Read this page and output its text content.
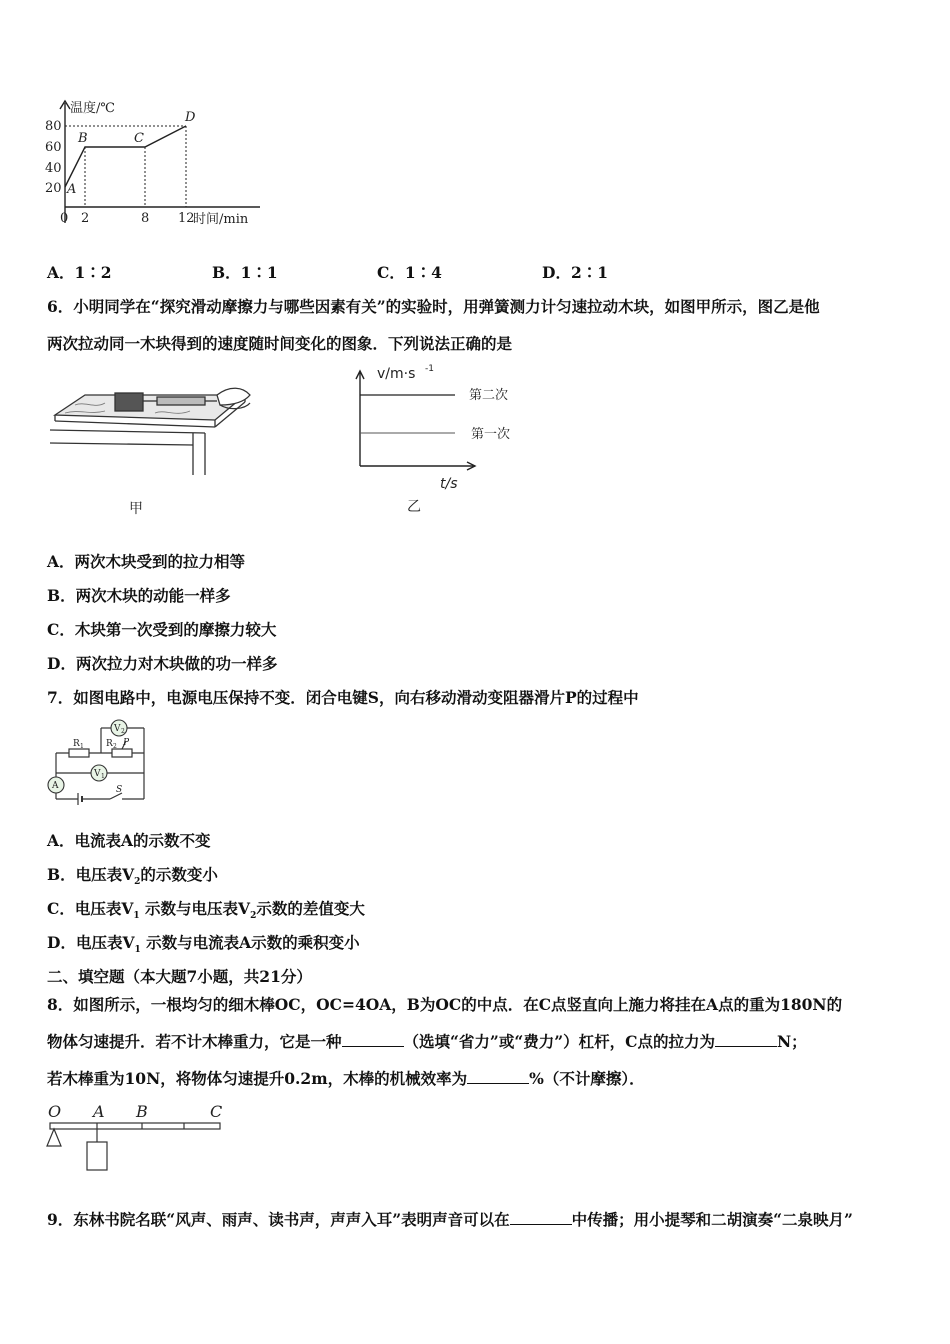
温度/℃
80
60
40
20
0 2	8 12
时间/min
A
B	C
D
A．1∶2	B．1∶1	C．1∶4	D．2∶1
6．小明同学在“探究滑动摩擦力与哪些因素有关”的实验时，用弹簧测力计匀速拉动木块，如图甲所示，图乙是他
两次拉动同一木块得到的速度随时间变化的图象．下列说法正确的是
甲
v/m·s -1
t/s
第二次
第一次
乙
A．两次木块受到的拉力相等
B．两次木块的动能一样多
C．木块第一次受到的摩擦力较大
D．两次拉力对木块做的功一样多
7．如图电路中，电源电压保持不变．闭合电键S，向右移动滑动变阻器滑片P的过程中
V 2
V 1
A
R 1 R 2 P
S
A．电流表A的示数不变
B．电压表$V_2$的示数变小
C．电压表$V_1$ 示数与电压表$V_2$示数的差值变大
D．电压表$V_1$ 示数与电流表A示数的乘积变小
二、填空题（本大题7小题，共21分）
8．如图所示，一根均匀的细木棒OC，OC=4OA，B为OC的中点．在C点竖直向上施力将挂在A点的重为180N的
物体匀速提升．若不计木棒重力，它是一种	（选填“省力”或“费力”）杠杆，C点的拉力为	N；
若木棒重为10N，将物体匀速提升0.2m，木棒的机械效率为	%（不计摩擦）．
O A B	C
9．东林书院名联“风声、雨声、读书声，声声入耳”表明声音可以在	中传播；用小提琴和二胡演奏“二泉映月”
